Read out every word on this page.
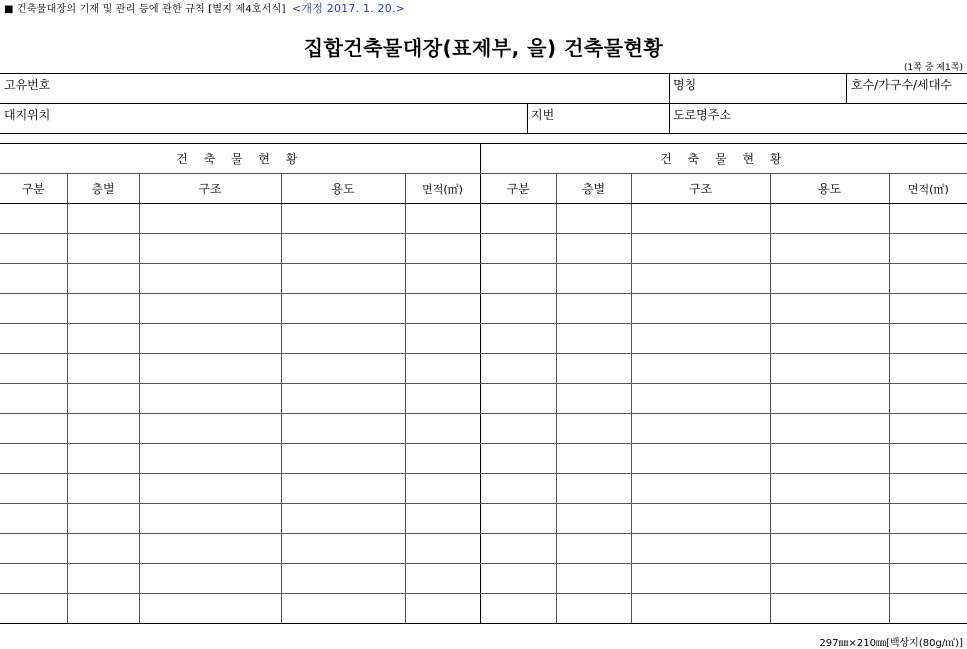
■ 건축물대장의 기재 및 관리 등에 관한 규칙 [별지 제4호서식] <개정 2017. 1. 20.>
집합건축물대장(표제부, 을) 건축물현황
(1쪽 중 제1쪽)
고유번호	명칭	호수/가구수/세대수
대지위치	지번	도로명주소
건 축 물 현 황					건 축 물 현 황				
구분	층별	구조	용도	면적(㎡)	구분	층별	구조	용도	면적(㎡)

297㎜×210㎜[백상지(80g/㎡)]
